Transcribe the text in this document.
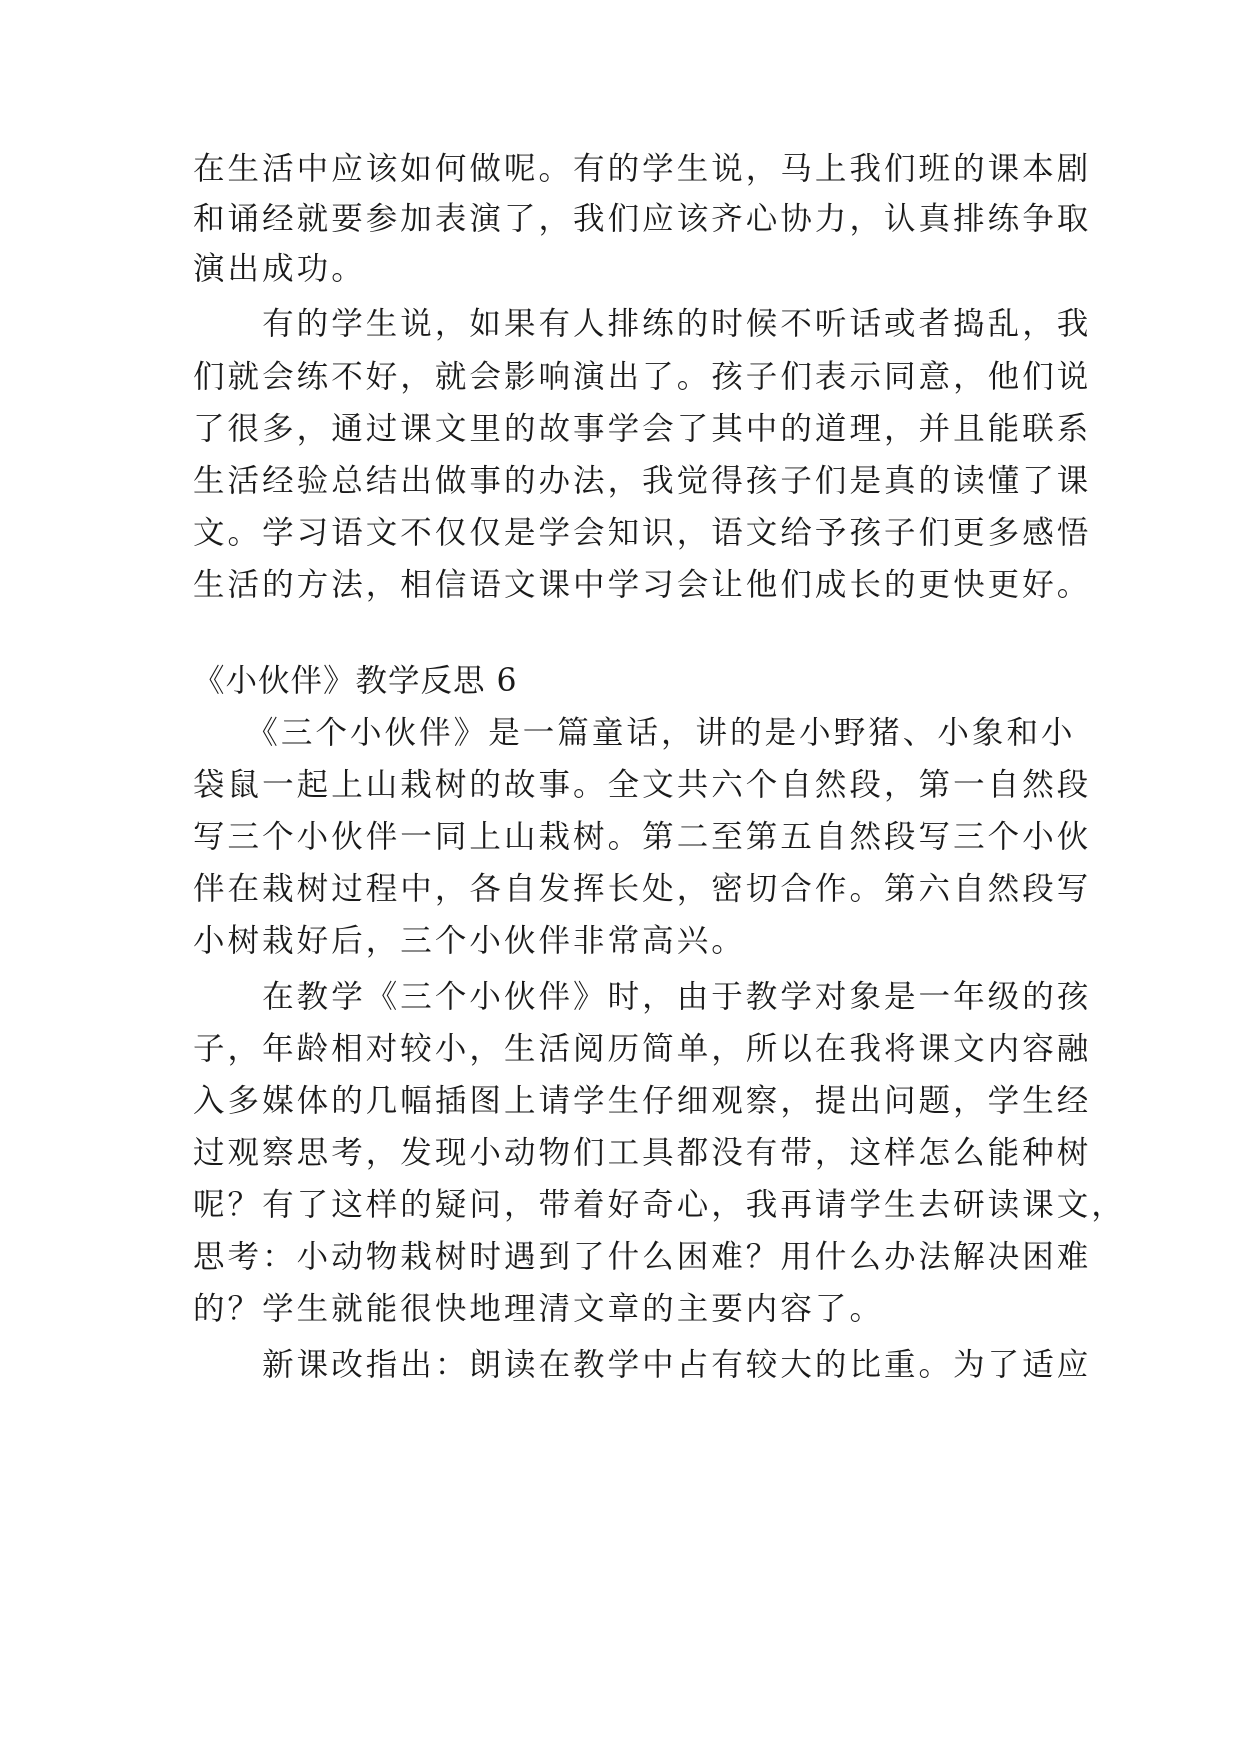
在生活中应该如何做呢。有的学生说，马上我们班的课本剧
和诵经就要参加表演了，我们应该齐心协力，认真排练争取
演出成功。
　　有的学生说，如果有人排练的时候不听话或者捣乱，我
们就会练不好，就会影响演出了。孩子们表示同意，他们说
了很多，通过课文里的故事学会了其中的道理，并且能联系
生活经验总结出做事的办法，我觉得孩子们是真的读懂了课
文。学习语文不仅仅是学会知识，语文给予孩子们更多感悟
生活的方法，相信语文课中学习会让他们成长的更快更好。
《小伙伴》教学反思 6
　　《三个小伙伴》是一篇童话，讲的是小野猪、小象和小
袋鼠一起上山栽树的故事。全文共六个自然段，第一自然段
写三个小伙伴一同上山栽树。第二至第五自然段写三个小伙
伴在栽树过程中，各自发挥长处，密切合作。第六自然段写
小树栽好后，三个小伙伴非常高兴。
　　在教学《三个小伙伴》时，由于教学对象是一年级的孩
子，年龄相对较小，生活阅历简单，所以在我将课文内容融
入多媒体的几幅插图上请学生仔细观察，提出问题，学生经
过观察思考，发现小动物们工具都没有带，这样怎么能种树
呢？有了这样的疑问，带着好奇心，我再请学生去研读课文，
思考：小动物栽树时遇到了什么困难？用什么办法解决困难
的？学生就能很快地理清文章的主要内容了。
　　新课改指出：朗读在教学中占有较大的比重。为了适应
